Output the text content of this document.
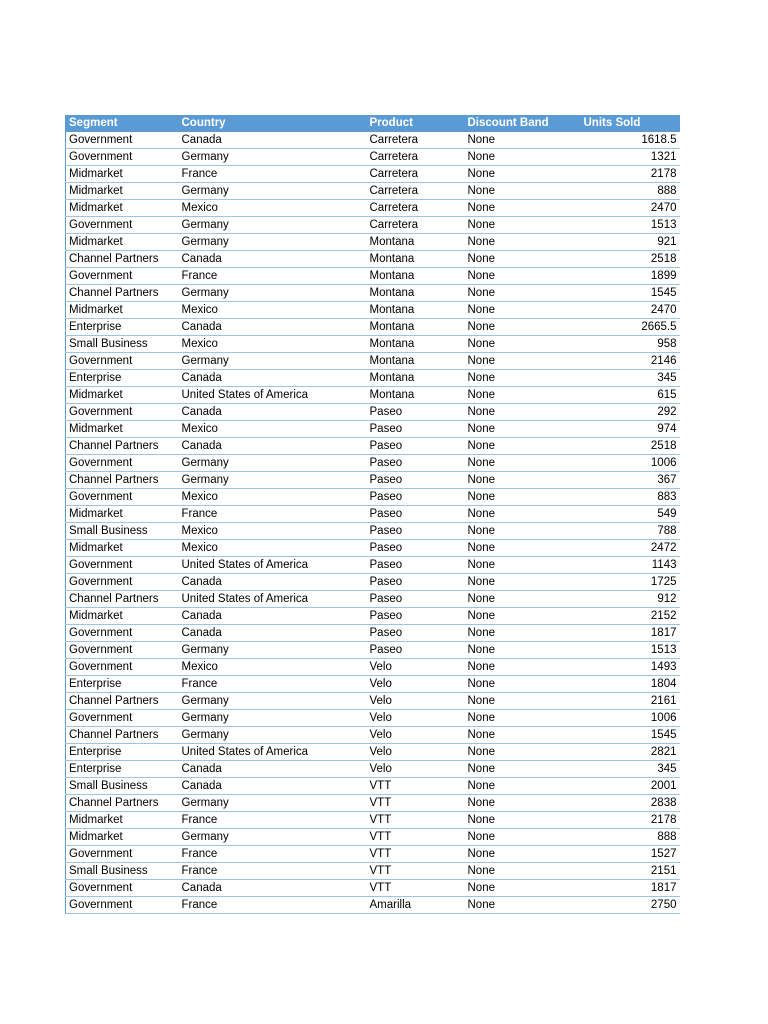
Segment	Country	Product	Discount Band	Units Sold
Government	Canada	Carretera	None	1618.5
Government	Germany	Carretera	None	1321
Midmarket	France	Carretera	None	2178
Midmarket	Germany	Carretera	None	888
Midmarket	Mexico	Carretera	None	2470
Government	Germany	Carretera	None	1513
Midmarket	Germany	Montana	None	921
Channel Partners	Canada	Montana	None	2518
Government	France	Montana	None	1899
Channel Partners	Germany	Montana	None	1545
Midmarket	Mexico	Montana	None	2470
Enterprise	Canada	Montana	None	2665.5
Small Business	Mexico	Montana	None	958
Government	Germany	Montana	None	2146
Enterprise	Canada	Montana	None	345
Midmarket	United States of America	Montana	None	615
Government	Canada	Paseo	None	292
Midmarket	Mexico	Paseo	None	974
Channel Partners	Canada	Paseo	None	2518
Government	Germany	Paseo	None	1006
Channel Partners	Germany	Paseo	None	367
Government	Mexico	Paseo	None	883
Midmarket	France	Paseo	None	549
Small Business	Mexico	Paseo	None	788
Midmarket	Mexico	Paseo	None	2472
Government	United States of America	Paseo	None	1143
Government	Canada	Paseo	None	1725
Channel Partners	United States of America	Paseo	None	912
Midmarket	Canada	Paseo	None	2152
Government	Canada	Paseo	None	1817
Government	Germany	Paseo	None	1513
Government	Mexico	Velo	None	1493
Enterprise	France	Velo	None	1804
Channel Partners	Germany	Velo	None	2161
Government	Germany	Velo	None	1006
Channel Partners	Germany	Velo	None	1545
Enterprise	United States of America	Velo	None	2821
Enterprise	Canada	Velo	None	345
Small Business	Canada	VTT	None	2001
Channel Partners	Germany	VTT	None	2838
Midmarket	France	VTT	None	2178
Midmarket	Germany	VTT	None	888
Government	France	VTT	None	1527
Small Business	France	VTT	None	2151
Government	Canada	VTT	None	1817
Government	France	Amarilla	None	2750
